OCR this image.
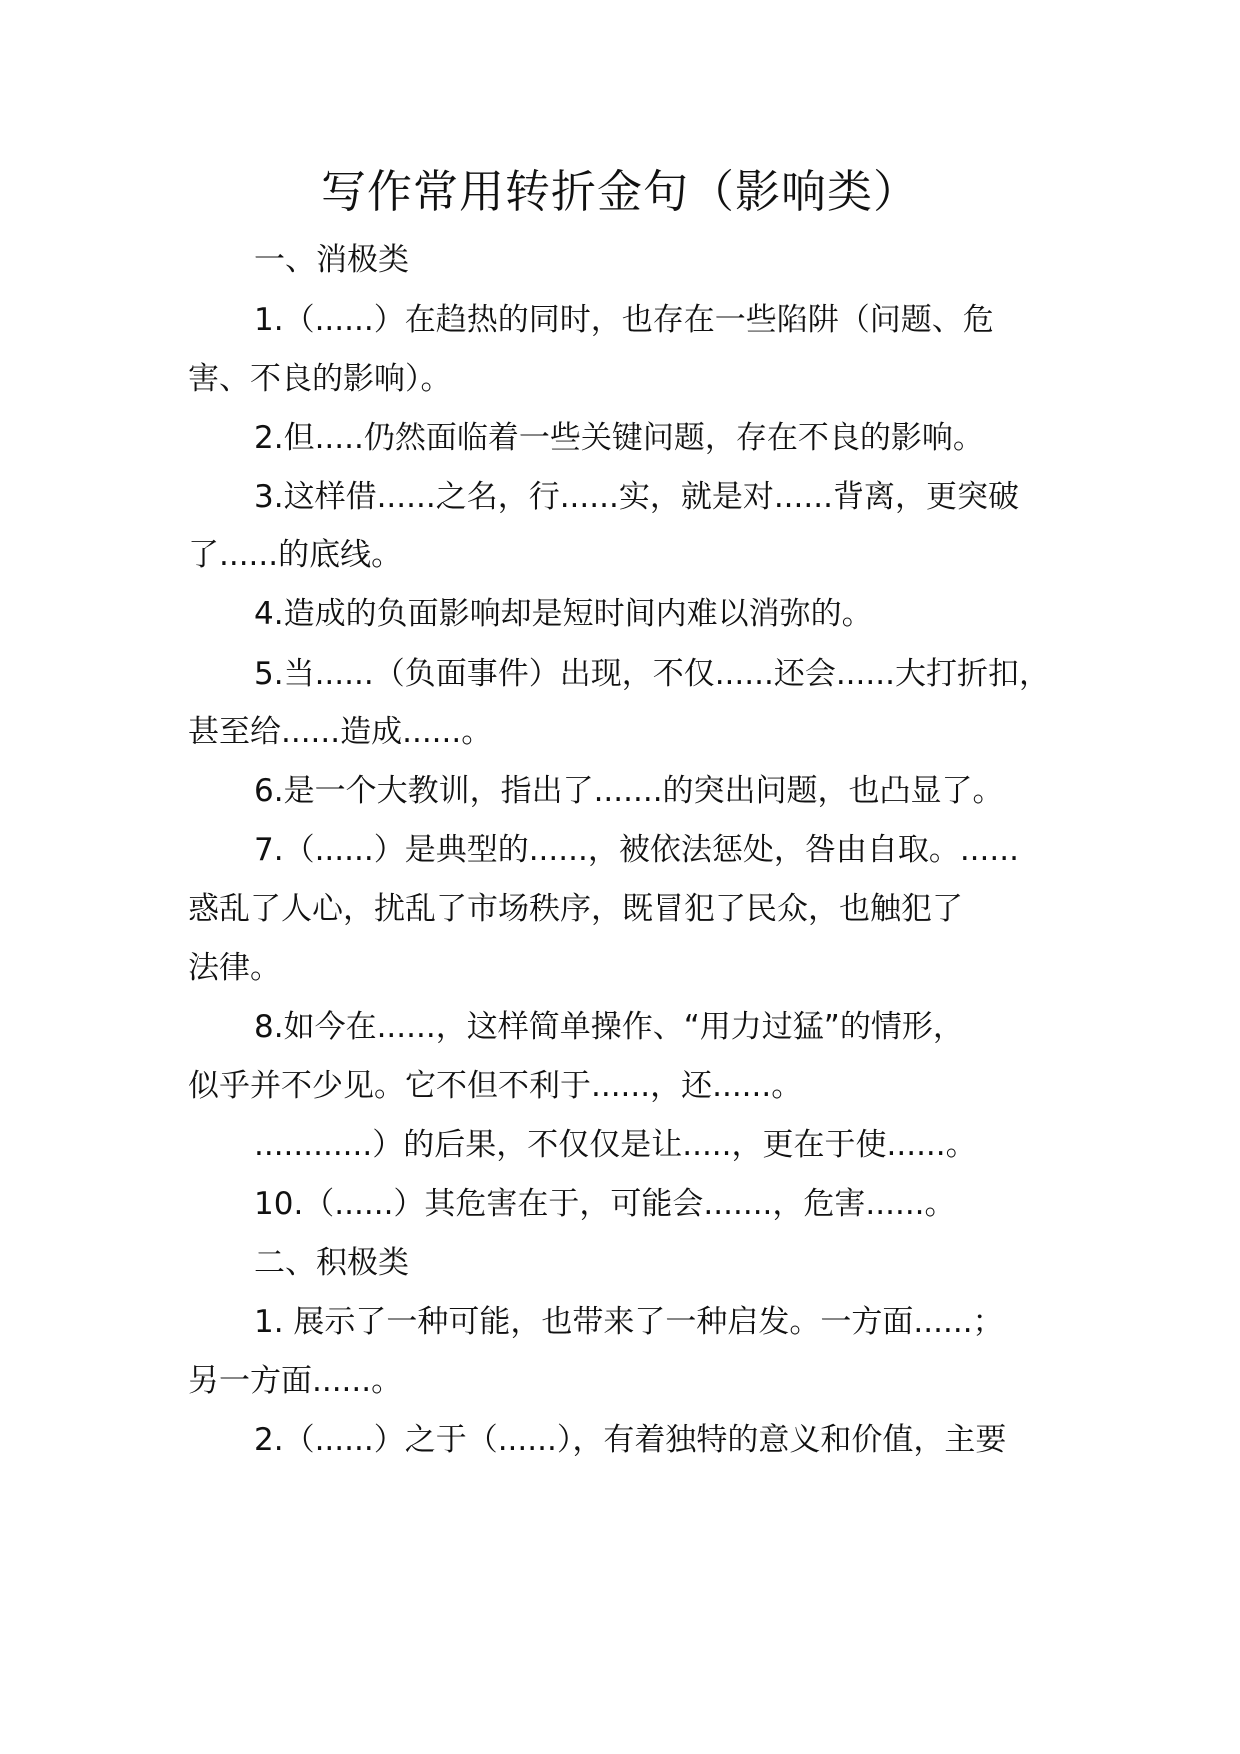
写作常用转折金句（影响类）
一、消极类
1.（......）在趋热的同时，也存在一些陷阱（问题、危
害、不良的影响）。
2.但.....仍然面临着一些关键问题，存在不良的影响。
3.这样借......之名，行......实，就是对......背离，更突破
了......的底线。
4.造成的负面影响却是短时间内难以消弥的。
5.当......（负面事件）出现，不仅......还会......大打折扣，
甚至给......造成......。
6.是一个大教训，指出了.......的突出问题，也凸显了。
7.（......）是典型的......，被依法惩处，咎由自取。......
惑乱了人心，扰乱了市场秩序，既冒犯了民众，也触犯了
法律。
8.如今在......，这样简单操作、“用力过猛”的情形，
似乎并不少见。它不但不利于......，还......。
............）的后果，不仅仅是让.....，更在于使......。
10.（......）其危害在于，可能会.......，危害......。
二、积极类
1. 展示了一种可能，也带来了一种启发。一方面......；
另一方面......。
2.（......）之于（......），有着独特的意义和价值，主要
